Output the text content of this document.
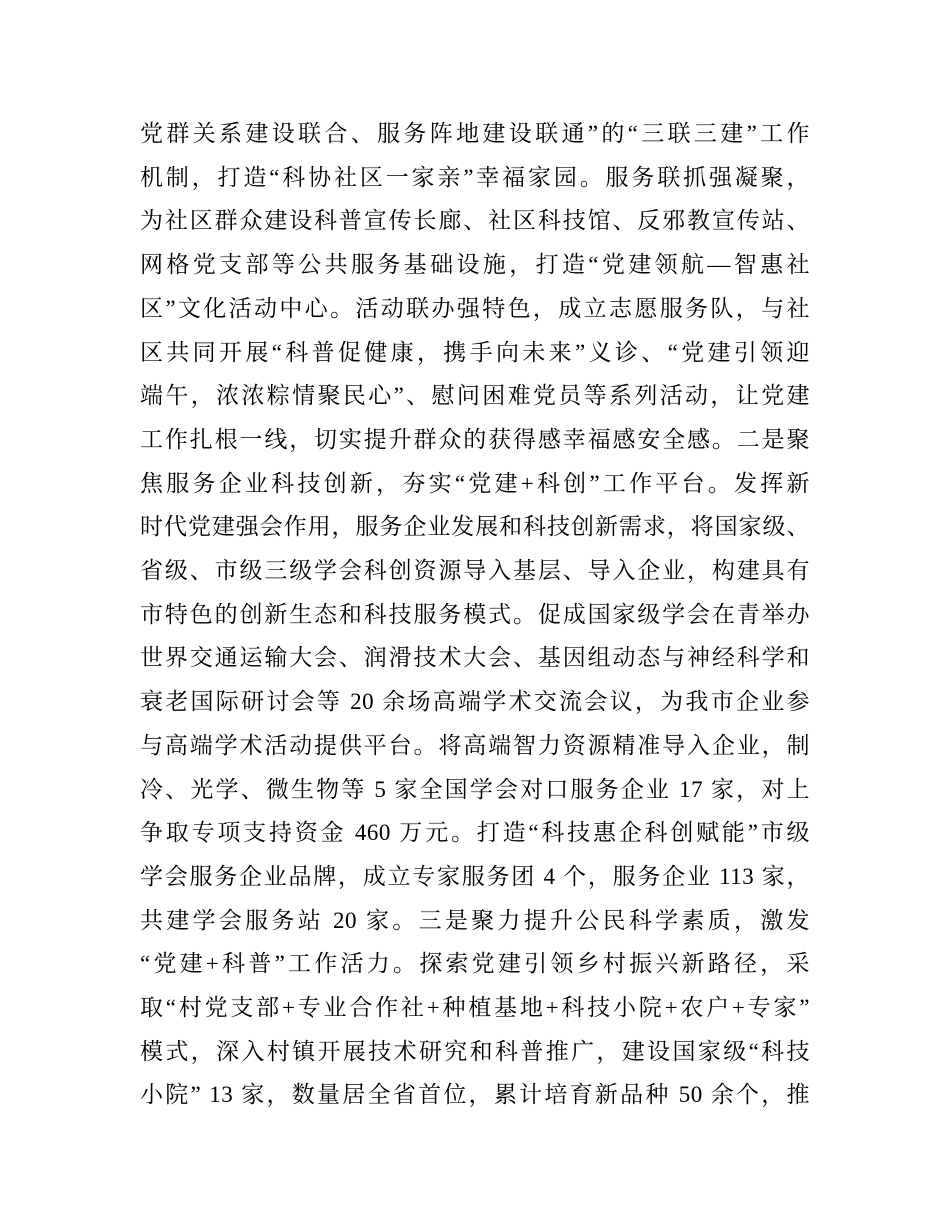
党群关系建设联合、服务阵地建设联通”的“三联三建”工作
机制，打造“科协社区一家亲”幸福家园。服务联抓强凝聚，
为社区群众建设科普宣传长廊、社区科技馆、反邪教宣传站、
网格党支部等公共服务基础设施，打造“党建领航—智惠社
区”文化活动中心。活动联办强特色，成立志愿服务队，与社
区共同开展“科普促健康，携手向未来”义诊、“党建引领迎
端午，浓浓粽情聚民心”、慰问困难党员等系列活动，让党建
工作扎根一线，切实提升群众的获得感幸福感安全感。二是聚
焦服务企业科技创新，夯实“党建+科创”工作平台。发挥新
时代党建强会作用，服务企业发展和科技创新需求，将国家级、
省级、市级三级学会科创资源导入基层、导入企业，构建具有
市特色的创新生态和科技服务模式。促成国家级学会在青举办
世界交通运输大会、润滑技术大会、基因组动态与神经科学和
衰老国际研讨会等 20 余场高端学术交流会议，为我市企业参
与高端学术活动提供平台。将高端智力资源精准导入企业，制
冷、光学、微生物等 5 家全国学会对口服务企业 17 家，对上
争取专项支持资金 460 万元。打造“科技惠企科创赋能”市级
学会服务企业品牌，成立专家服务团 4 个，服务企业 113 家，
共建学会服务站 20 家。三是聚力提升公民科学素质，激发
“党建+科普”工作活力。探索党建引领乡村振兴新路径，采
取“村党支部+专业合作社+种植基地+科技小院+农户+专家”
模式，深入村镇开展技术研究和科普推广，建设国家级“科技
小院” 13 家，数量居全省首位，累计培育新品种 50 余个，推
